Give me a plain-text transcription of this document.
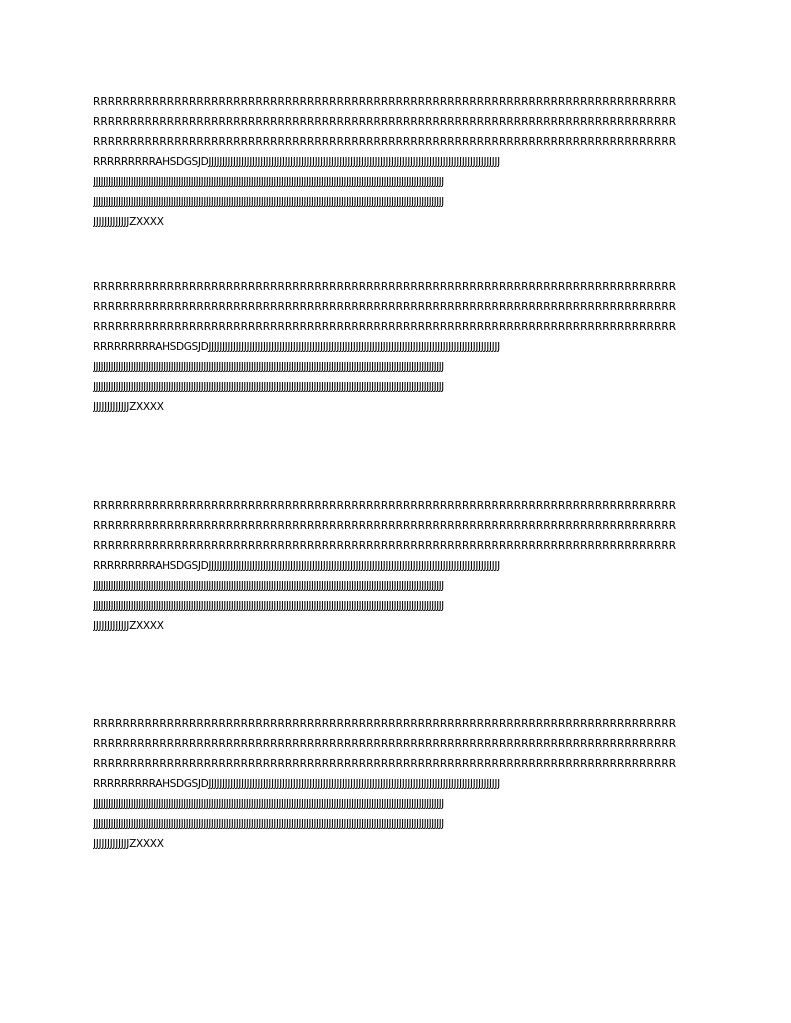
RRRRRRRRRRRRRRRRRRRRRRRRRRRRRRRRRRRRRRRRRRRRRRRRRRRRRRRRRRRRRRRRRRRRRRRRRRRRRRR
RRRRRRRRRRRRRRRRRRRRRRRRRRRRRRRRRRRRRRRRRRRRRRRRRRRRRRRRRRRRRRRRRRRRRRRRRRRRRRR
RRRRRRRRRRRRRRRRRRRRRRRRRRRRRRRRRRRRRRRRRRRRRRRRRRRRRRRRRRRRRRRRRRRRRRRRRRRRRRR
RRRRRRRRRAHSDGSJDJJJJJJJJJJJJJJJJJJJJJJJJJJJJJJJJJJJJJJJJJJJJJJJJJJJJJJJJJJJJJJJJJJJJJJJJJJJJJJJJJJJJJJJJJJJJJJJJJJJJJJJJJJJ
JJJJJJJJJJJJJJJJJJJJJJJJJJJJJJJJJJJJJJJJJJJJJJJJJJJJJJJJJJJJJJJJJJJJJJJJJJJJJJJJJJJJJJJJJJJJJJJJJJJJJJJJJJJJJJJJJJJJJJJJJJJJJJJJJJJJJJJJJJJJ
JJJJJJJJJJJJJJJJJJJJJJJJJJJJJJJJJJJJJJJJJJJJJJJJJJJJJJJJJJJJJJJJJJJJJJJJJJJJJJJJJJJJJJJJJJJJJJJJJJJJJJJJJJJJJJJJJJJJJJJJJJJJJJJJJJJJJJJJJJJJ
JJJJJJJJJJJJJZXXXX
RRRRRRRRRRRRRRRRRRRRRRRRRRRRRRRRRRRRRRRRRRRRRRRRRRRRRRRRRRRRRRRRRRRRRRRRRRRRRRR
RRRRRRRRRRRRRRRRRRRRRRRRRRRRRRRRRRRRRRRRRRRRRRRRRRRRRRRRRRRRRRRRRRRRRRRRRRRRRRR
RRRRRRRRRRRRRRRRRRRRRRRRRRRRRRRRRRRRRRRRRRRRRRRRRRRRRRRRRRRRRRRRRRRRRRRRRRRRRRR
RRRRRRRRRAHSDGSJDJJJJJJJJJJJJJJJJJJJJJJJJJJJJJJJJJJJJJJJJJJJJJJJJJJJJJJJJJJJJJJJJJJJJJJJJJJJJJJJJJJJJJJJJJJJJJJJJJJJJJJJJJJJ
JJJJJJJJJJJJJJJJJJJJJJJJJJJJJJJJJJJJJJJJJJJJJJJJJJJJJJJJJJJJJJJJJJJJJJJJJJJJJJJJJJJJJJJJJJJJJJJJJJJJJJJJJJJJJJJJJJJJJJJJJJJJJJJJJJJJJJJJJJJJ
JJJJJJJJJJJJJJJJJJJJJJJJJJJJJJJJJJJJJJJJJJJJJJJJJJJJJJJJJJJJJJJJJJJJJJJJJJJJJJJJJJJJJJJJJJJJJJJJJJJJJJJJJJJJJJJJJJJJJJJJJJJJJJJJJJJJJJJJJJJJ
JJJJJJJJJJJJJZXXXX
RRRRRRRRRRRRRRRRRRRRRRRRRRRRRRRRRRRRRRRRRRRRRRRRRRRRRRRRRRRRRRRRRRRRRRRRRRRRRRR
RRRRRRRRRRRRRRRRRRRRRRRRRRRRRRRRRRRRRRRRRRRRRRRRRRRRRRRRRRRRRRRRRRRRRRRRRRRRRRR
RRRRRRRRRRRRRRRRRRRRRRRRRRRRRRRRRRRRRRRRRRRRRRRRRRRRRRRRRRRRRRRRRRRRRRRRRRRRRRR
RRRRRRRRRAHSDGSJDJJJJJJJJJJJJJJJJJJJJJJJJJJJJJJJJJJJJJJJJJJJJJJJJJJJJJJJJJJJJJJJJJJJJJJJJJJJJJJJJJJJJJJJJJJJJJJJJJJJJJJJJJJJ
JJJJJJJJJJJJJJJJJJJJJJJJJJJJJJJJJJJJJJJJJJJJJJJJJJJJJJJJJJJJJJJJJJJJJJJJJJJJJJJJJJJJJJJJJJJJJJJJJJJJJJJJJJJJJJJJJJJJJJJJJJJJJJJJJJJJJJJJJJJJ
JJJJJJJJJJJJJJJJJJJJJJJJJJJJJJJJJJJJJJJJJJJJJJJJJJJJJJJJJJJJJJJJJJJJJJJJJJJJJJJJJJJJJJJJJJJJJJJJJJJJJJJJJJJJJJJJJJJJJJJJJJJJJJJJJJJJJJJJJJJJ
JJJJJJJJJJJJJZXXXX
RRRRRRRRRRRRRRRRRRRRRRRRRRRRRRRRRRRRRRRRRRRRRRRRRRRRRRRRRRRRRRRRRRRRRRRRRRRRRRR
RRRRRRRRRRRRRRRRRRRRRRRRRRRRRRRRRRRRRRRRRRRRRRRRRRRRRRRRRRRRRRRRRRRRRRRRRRRRRRR
RRRRRRRRRRRRRRRRRRRRRRRRRRRRRRRRRRRRRRRRRRRRRRRRRRRRRRRRRRRRRRRRRRRRRRRRRRRRRRR
RRRRRRRRRAHSDGSJDJJJJJJJJJJJJJJJJJJJJJJJJJJJJJJJJJJJJJJJJJJJJJJJJJJJJJJJJJJJJJJJJJJJJJJJJJJJJJJJJJJJJJJJJJJJJJJJJJJJJJJJJJJJ
JJJJJJJJJJJJJJJJJJJJJJJJJJJJJJJJJJJJJJJJJJJJJJJJJJJJJJJJJJJJJJJJJJJJJJJJJJJJJJJJJJJJJJJJJJJJJJJJJJJJJJJJJJJJJJJJJJJJJJJJJJJJJJJJJJJJJJJJJJJJ
JJJJJJJJJJJJJJJJJJJJJJJJJJJJJJJJJJJJJJJJJJJJJJJJJJJJJJJJJJJJJJJJJJJJJJJJJJJJJJJJJJJJJJJJJJJJJJJJJJJJJJJJJJJJJJJJJJJJJJJJJJJJJJJJJJJJJJJJJJJJ
JJJJJJJJJJJJJZXXXX
